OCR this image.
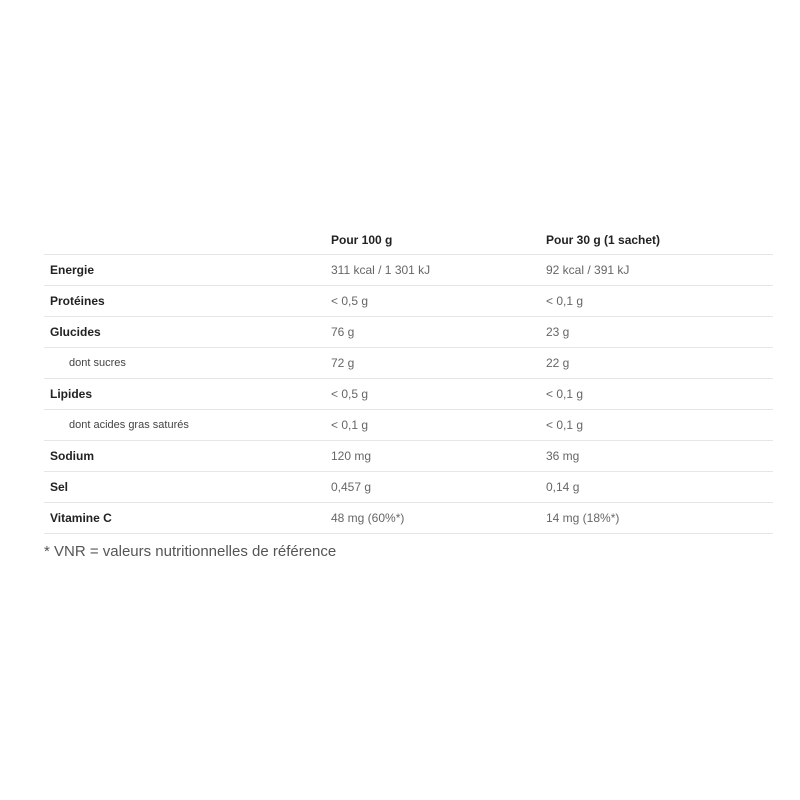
	Pour 100 g	Pour 30 g (1 sachet)
Energie	311 kcal / 1 301 kJ	92 kcal / 391 kJ
Protéines	< 0,5 g	< 0,1 g
Glucides	76 g	23 g
dont sucres	72 g	22 g
Lipides	< 0,5 g	< 0,1 g
dont acides gras saturés	< 0,1 g	< 0,1 g
Sodium	120 mg	36 mg
Sel	0,457 g	0,14 g
Vitamine C	48 mg (60%*)	14 mg (18%*)
* VNR = valeurs nutritionnelles de référence
